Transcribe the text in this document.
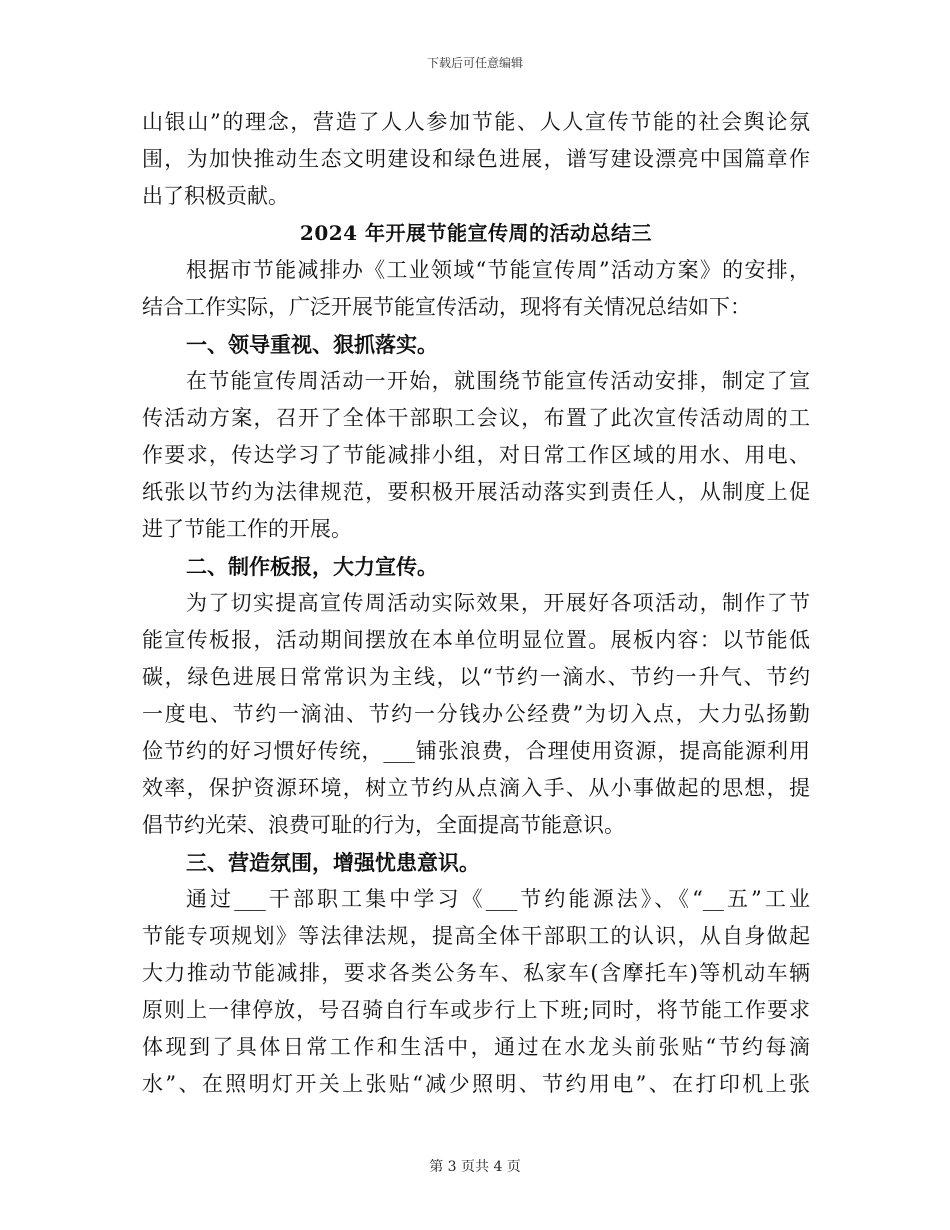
下载后可任意编辑
山银山”的理念，营造了人人参加节能、人人宣传节能的社会舆论氛
围，为加快推动生态文明建设和绿色进展，谱写建设漂亮中国篇章作
出了积极贡献。
2024 年开展节能宣传周的活动总结三
根据市节能减排办《工业领域“节能宣传周”活动方案》的安排，
结合工作实际，广泛开展节能宣传活动，现将有关情况总结如下：
一、领导重视、狠抓落实。
在节能宣传周活动一开始，就围绕节能宣传活动安排，制定了宣
传活动方案，召开了全体干部职工会议，布置了此次宣传活动周的工
作要求，传达学习了节能减排小组，对日常工作区域的用水、用电、
纸张以节约为法律规范，要积极开展活动落实到责任人，从制度上促
进了节能工作的开展。
二、制作板报，大力宣传。
为了切实提高宣传周活动实际效果，开展好各项活动，制作了节
能宣传板报，活动期间摆放在本单位明显位置。展板内容：以节能低
碳，绿色进展日常常识为主线，以“节约一滴水、节约一升气、节约
一度电、节约一滴油、节约一分钱办公经费”为切入点，大力弘扬勤
俭节约的好习惯好传统，___铺张浪费，合理使用资源，提高能源利用
效率，保护资源环境，树立节约从点滴入手、从小事做起的思想，提
倡节约光荣、浪费可耻的行为，全面提高节能意识。
三、营造氛围，增强忧患意识。
通过___干部职工集中学习《___节约能源法》、《“__五”工业
节能专项规划》等法律法规，提高全体干部职工的认识，从自身做起
大力推动节能减排，要求各类公务车、私家车(含摩托车)等机动车辆
原则上一律停放，号召骑自行车或步行上下班;同时，将节能工作要求
体现到了具体日常工作和生活中，通过在水龙头前张贴“节约每滴
水”、在照明灯开关上张贴“减少照明、节约用电”、在打印机上张
第 3 页共 4 页
